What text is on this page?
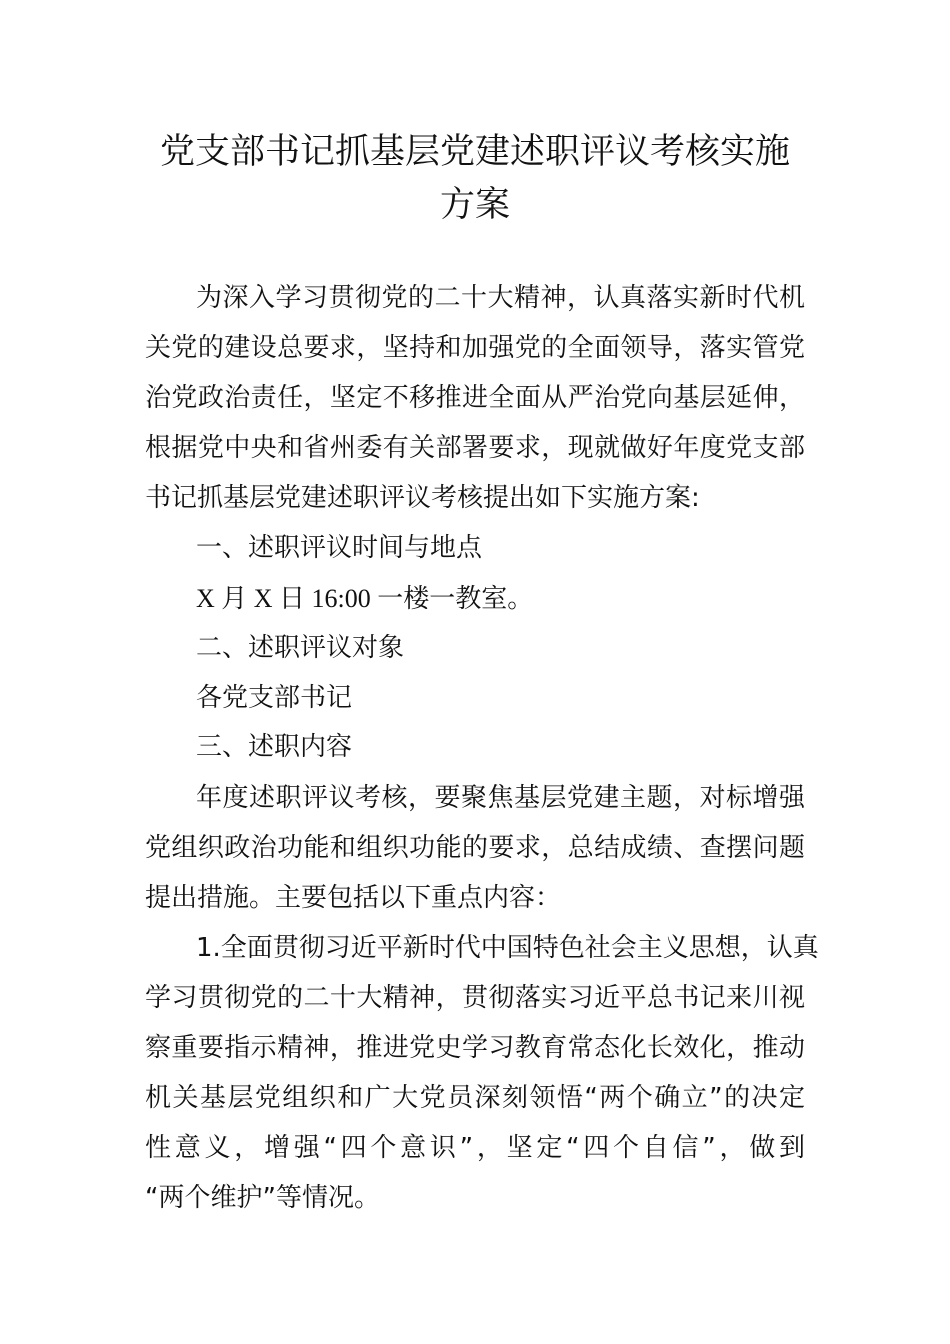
党支部书记抓基层党建述职评议考核实施
方案
为深入学习贯彻党的二十大精神，认真落实新时代机
关党的建设总要求，坚持和加强党的全面领导，落实管党
治党政治责任，坚定不移推进全面从严治党向基层延伸，
根据党中央和省州委有关部署要求，现就做好年度党支部
书记抓基层党建述职评议考核提出如下实施方案:
一、述职评议时间与地点
X 月 X 日 16:00 一楼一教室。
二、述职评议对象
各党支部书记
三、述职内容
年度述职评议考核，要聚焦基层党建主题，对标增强
党组织政治功能和组织功能的要求，总结成绩、查摆问题
提出措施。主要包括以下重点内容：
1.全面贯彻习近平新时代中国特色社会主义思想，认真
学习贯彻党的二十大精神，贯彻落实习近平总书记来川视
察重要指示精神，推进党史学习教育常态化长效化，推动
机关基层党组织和广大党员深刻领悟“两个确立”的决定
性意义，增强“四个意识”，坚定“四个自信”，做到
“两个维护”等情况。
